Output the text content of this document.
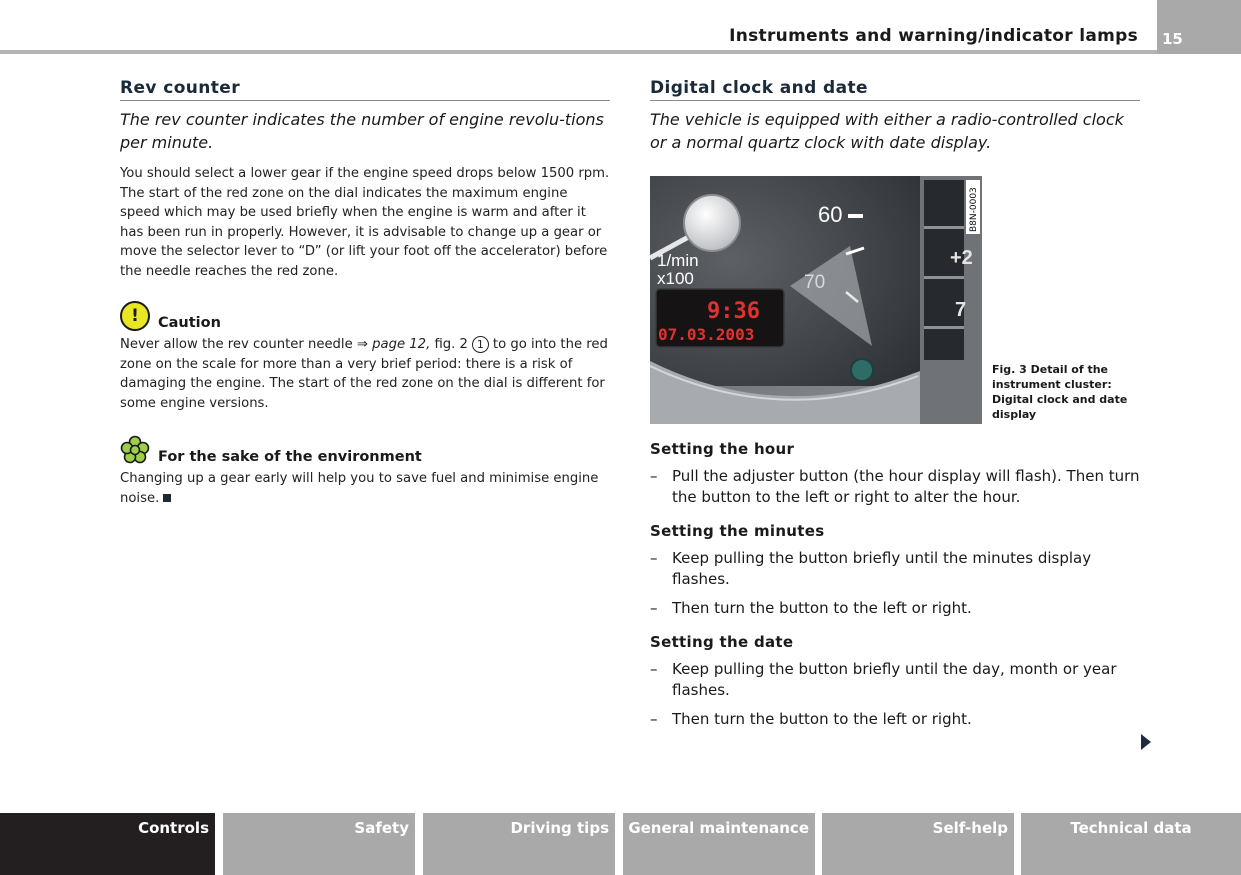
Instruments and warning/indicator lamps 15
Rev counter
The rev counter indicates the number of engine revolu-tions per minute.
You should select a lower gear if the engine speed drops below 1500 rpm. The start of the red zone on the dial indicates the maximum engine speed which may be used briefly when the engine is warm and after it has been run in properly. However, it is advisable to change up a gear or move the selector lever to “D” (or lift your foot off the accelerator) before the needle reaches the red zone.
!	Caution
Never allow the rev counter needle ⇒ page 12, fig. 2 1 to go into the red zone on the scale for more than a very brief period: there is a risk of damaging the engine. The start of the red zone on the dial is different for some engine versions.
For the sake of the environment
Changing up a gear early will help you to save fuel and minimise engine noise.
Digital clock and date
The vehicle is equipped with either a radio-controlled clock or a normal quartz clock with date display.
60
70
1/min
x100
9:36
07.03.2003
+2
7
B8N-0003
Fig. 3 Detail of the instrument cluster: Digital clock and date display
Setting the hour
– Pull the adjuster button (the hour display will flash). Then turn the button to the left or right to alter the hour.
Setting the minutes
– Keep pulling the button briefly until the minutes display flashes.
– Then turn the button to the left or right.
Setting the date
– Keep pulling the button briefly until the day, month or year flashes.
– Then turn the button to the left or right.
Controls	Safety	Driving tips	General maintenance	Self-help	Technical data
